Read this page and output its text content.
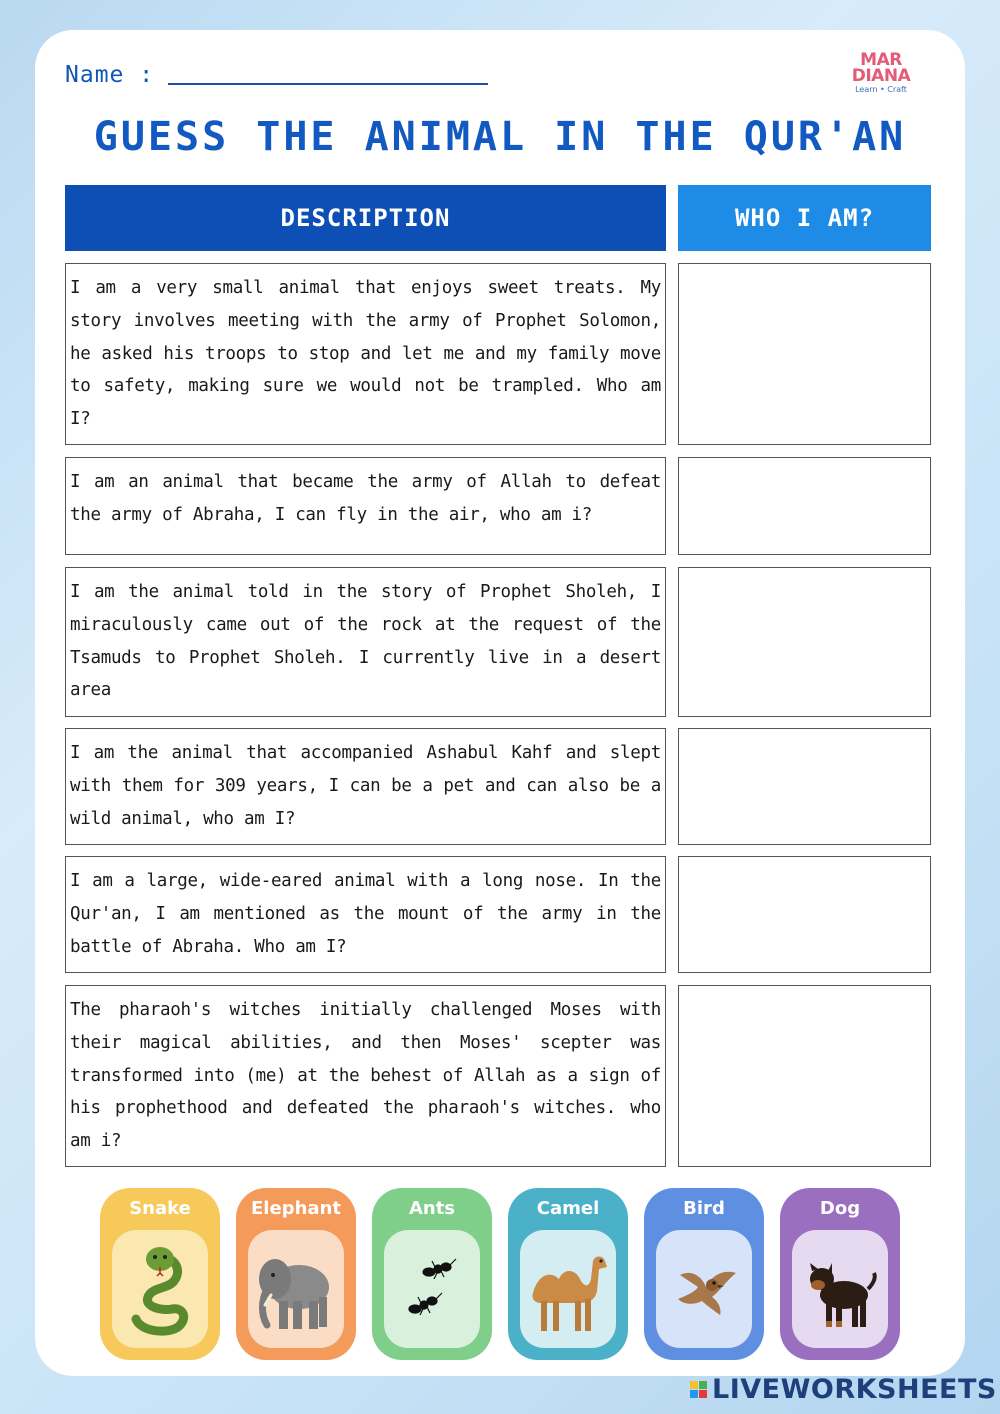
Name :
MAR DIANA
Learn • Craft
GUESS THE ANIMAL IN THE QUR'AN
DESCRIPTION	WHO I AM?
I am a very small animal that enjoys sweet treats. My story involves meeting with the army of Prophet Solomon, he asked his troops to stop and let me and my family move to safety, making sure we would not be trampled. Who am I?
I am an animal that became the army of Allah to defeat the army of Abraha, I can fly in the air, who am i?
I am the animal told in the story of Prophet Sholeh, I miraculously came out of the rock at the request of the Tsamuds to Prophet Sholeh. I currently live in a desert area
I am the animal that accompanied Ashabul Kahf and slept with them for 309 years, I can be a pet and can also be a wild animal, who am I?
I am a large, wide-eared animal with a long nose. In the Qur'an, I am mentioned as the mount of the army in the battle of Abraha. Who am I?
The pharaoh's witches initially challenged Moses with their magical abilities, and then Moses' scepter was transformed into (me) at the behest of Allah as a sign of his prophethood and defeated the pharaoh's witches. who am i?
Snake	Elephant	Ants	Camel	Bird	Dog
LIVEWORKSHEETS
